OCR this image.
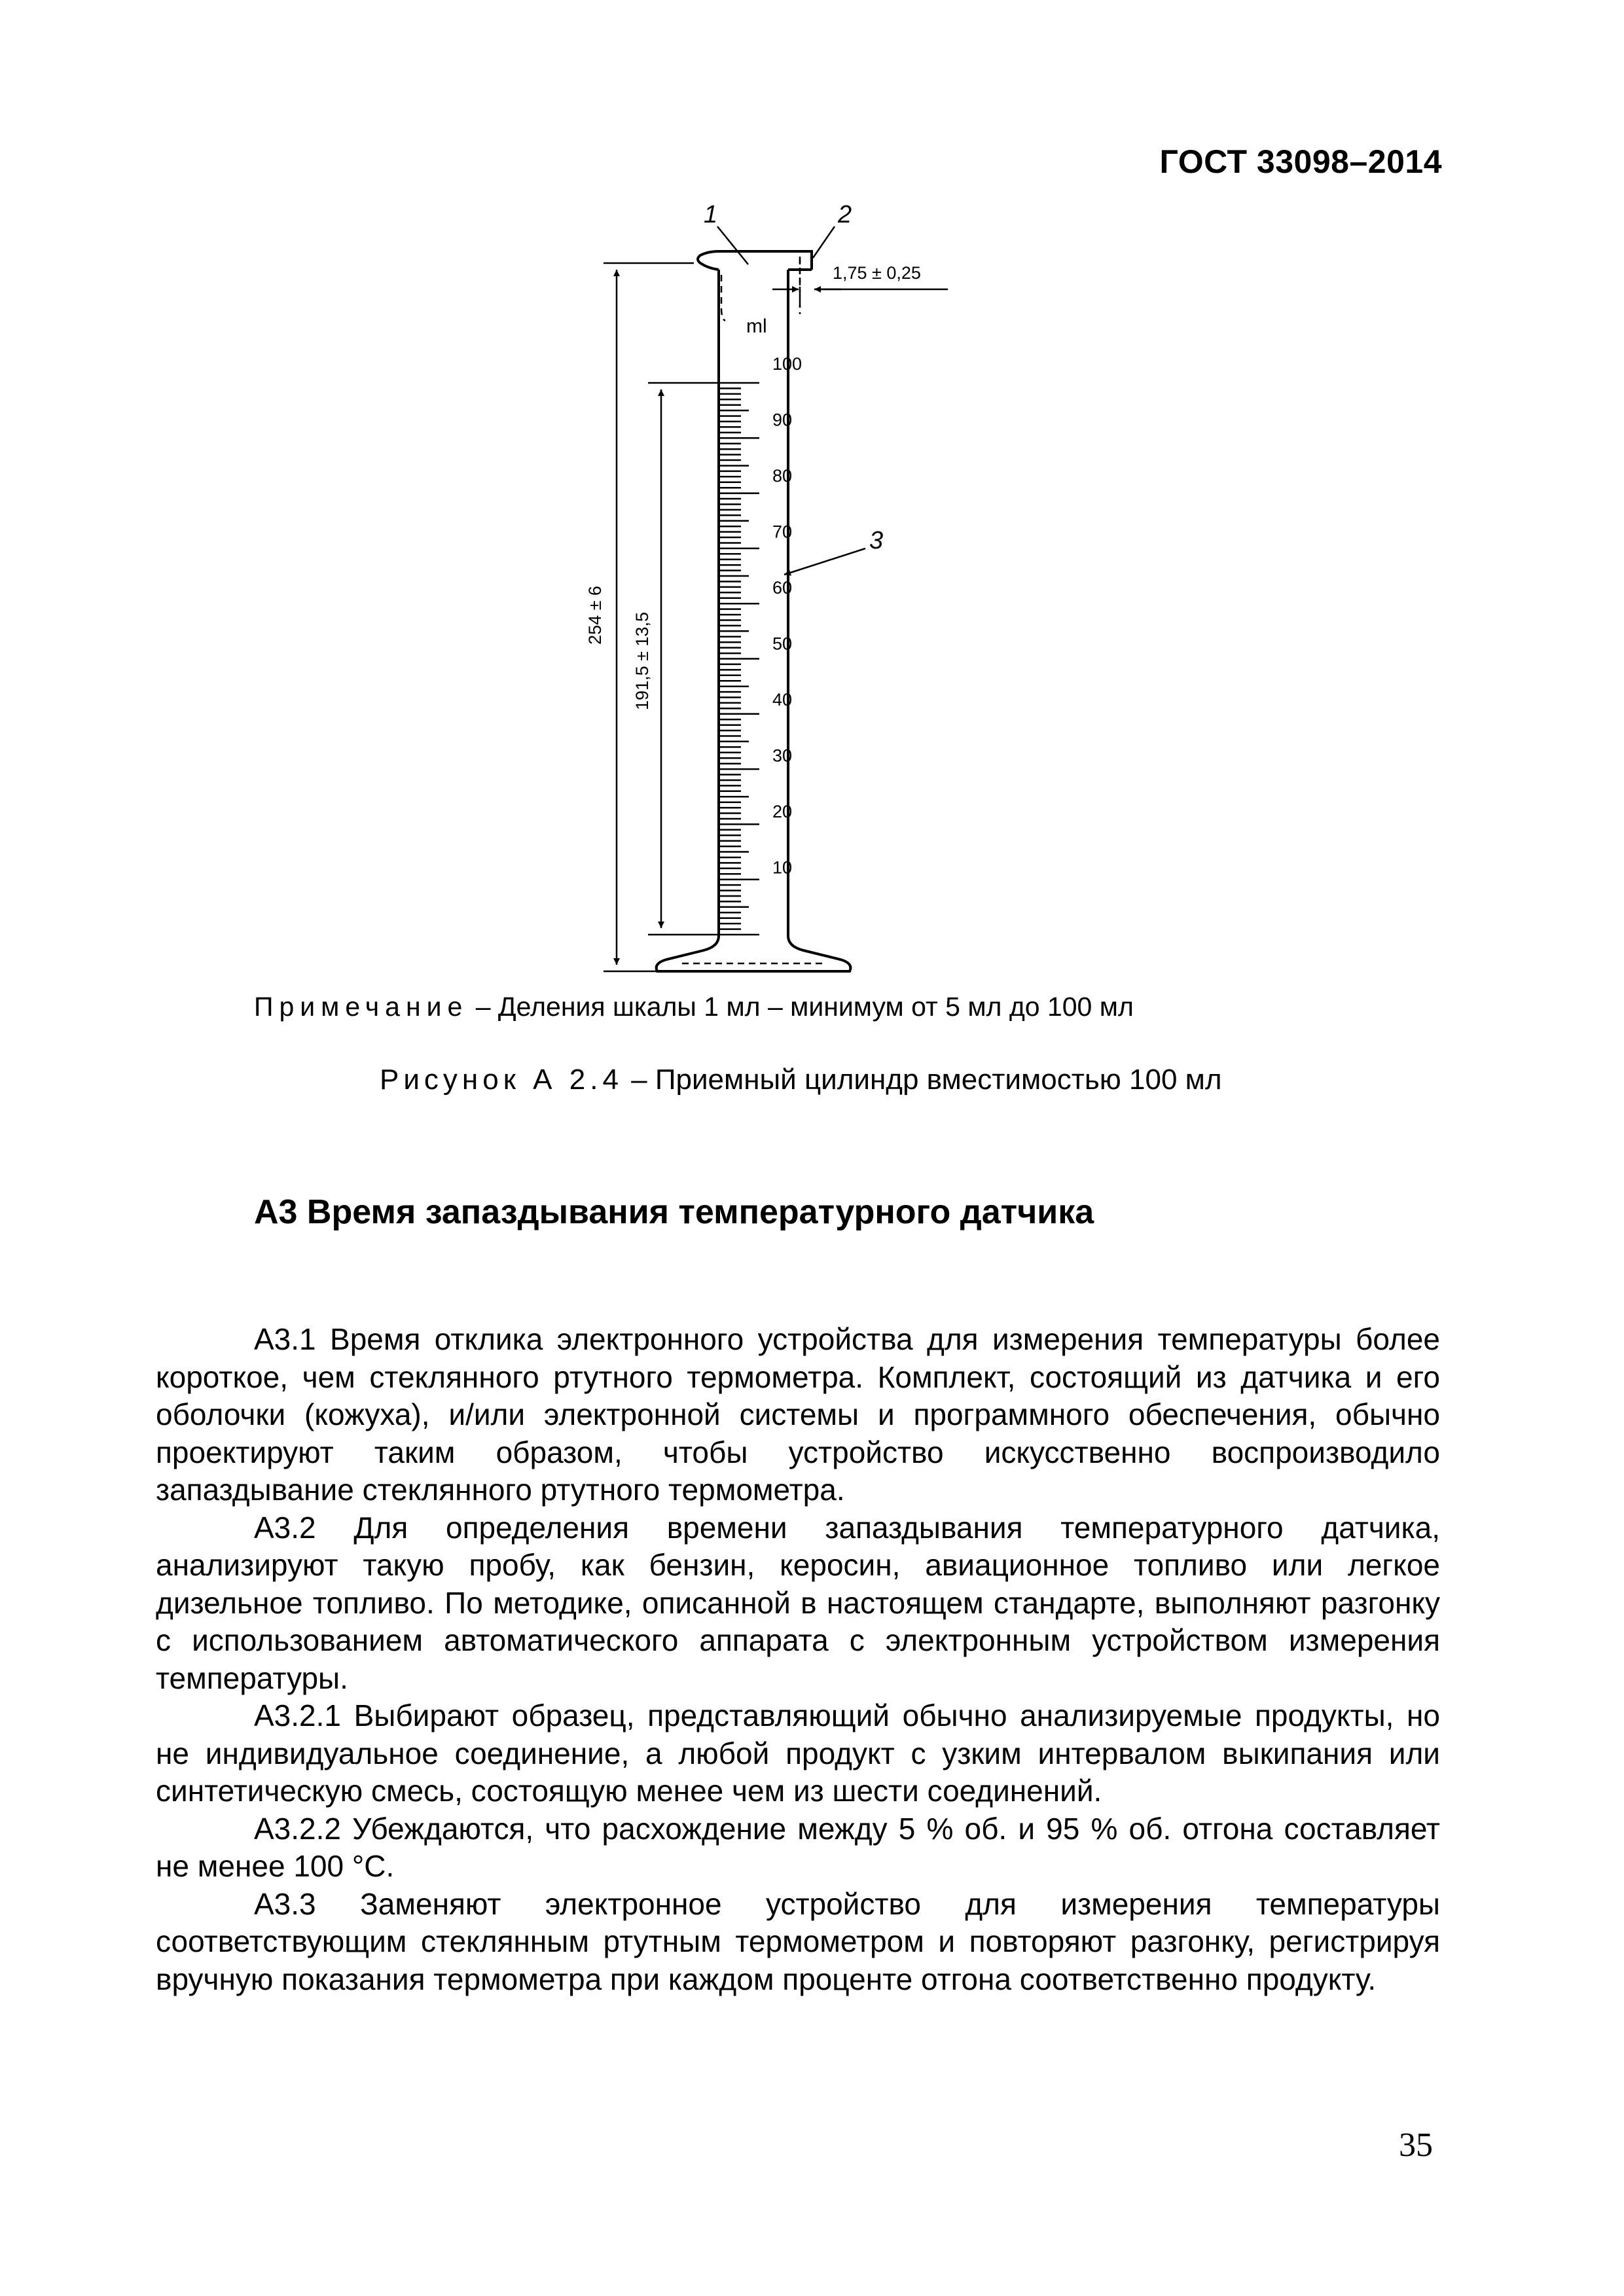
ГОСТ 33098–2014
100
90
80
70
60
50
40
30
20
10
ml
1	2
3
1,75 ± 0,25
254 ± 6 191,5 ± 13,5
Примечание – Деления шкалы 1 мл – минимум от 5 мл до 100 мл
Рисунок А 2.4 – Приемный цилиндр вместимостью 100 мл
А3 Время запаздывания температурного датчика

А3.1 Время отклика электронного устройства для измерения температуры более короткое, чем стеклянного ртутного термометра. Комплект, состоящий из датчика и его оболочки (кожуха), и/или электронной системы и программного обеспечения, обычно проектируют таким образом, чтобы устройство искусственно воспроизводило запаздывание стеклянного ртутного термометра.

А3.2 Для определения времени запаздывания температурного датчика, анализируют такую пробу, как бензин, керосин, авиационное топливо или легкое дизельное топливо. По методике, описанной в настоящем стандарте, выполняют разгонку с использованием автоматического аппарата с электронным устройством измерения температуры.

А3.2.1 Выбирают образец, представляющий обычно анализируемые продукты, но не индивидуальное соединение, а любой продукт с узким интервалом выкипания или синтетическую смесь, состоящую менее чем из шести соединений.

А3.2.2 Убеждаются, что расхождение между 5 % об. и 95 % об. отгона составляет не менее 100 °С.

А3.3 Заменяют электронное устройство для измерения температуры соответствующим стеклянным ртутным термометром и повторяют разгонку, регистрируя вручную показания термометра при каждом проценте отгона соответственно продукту.

35
